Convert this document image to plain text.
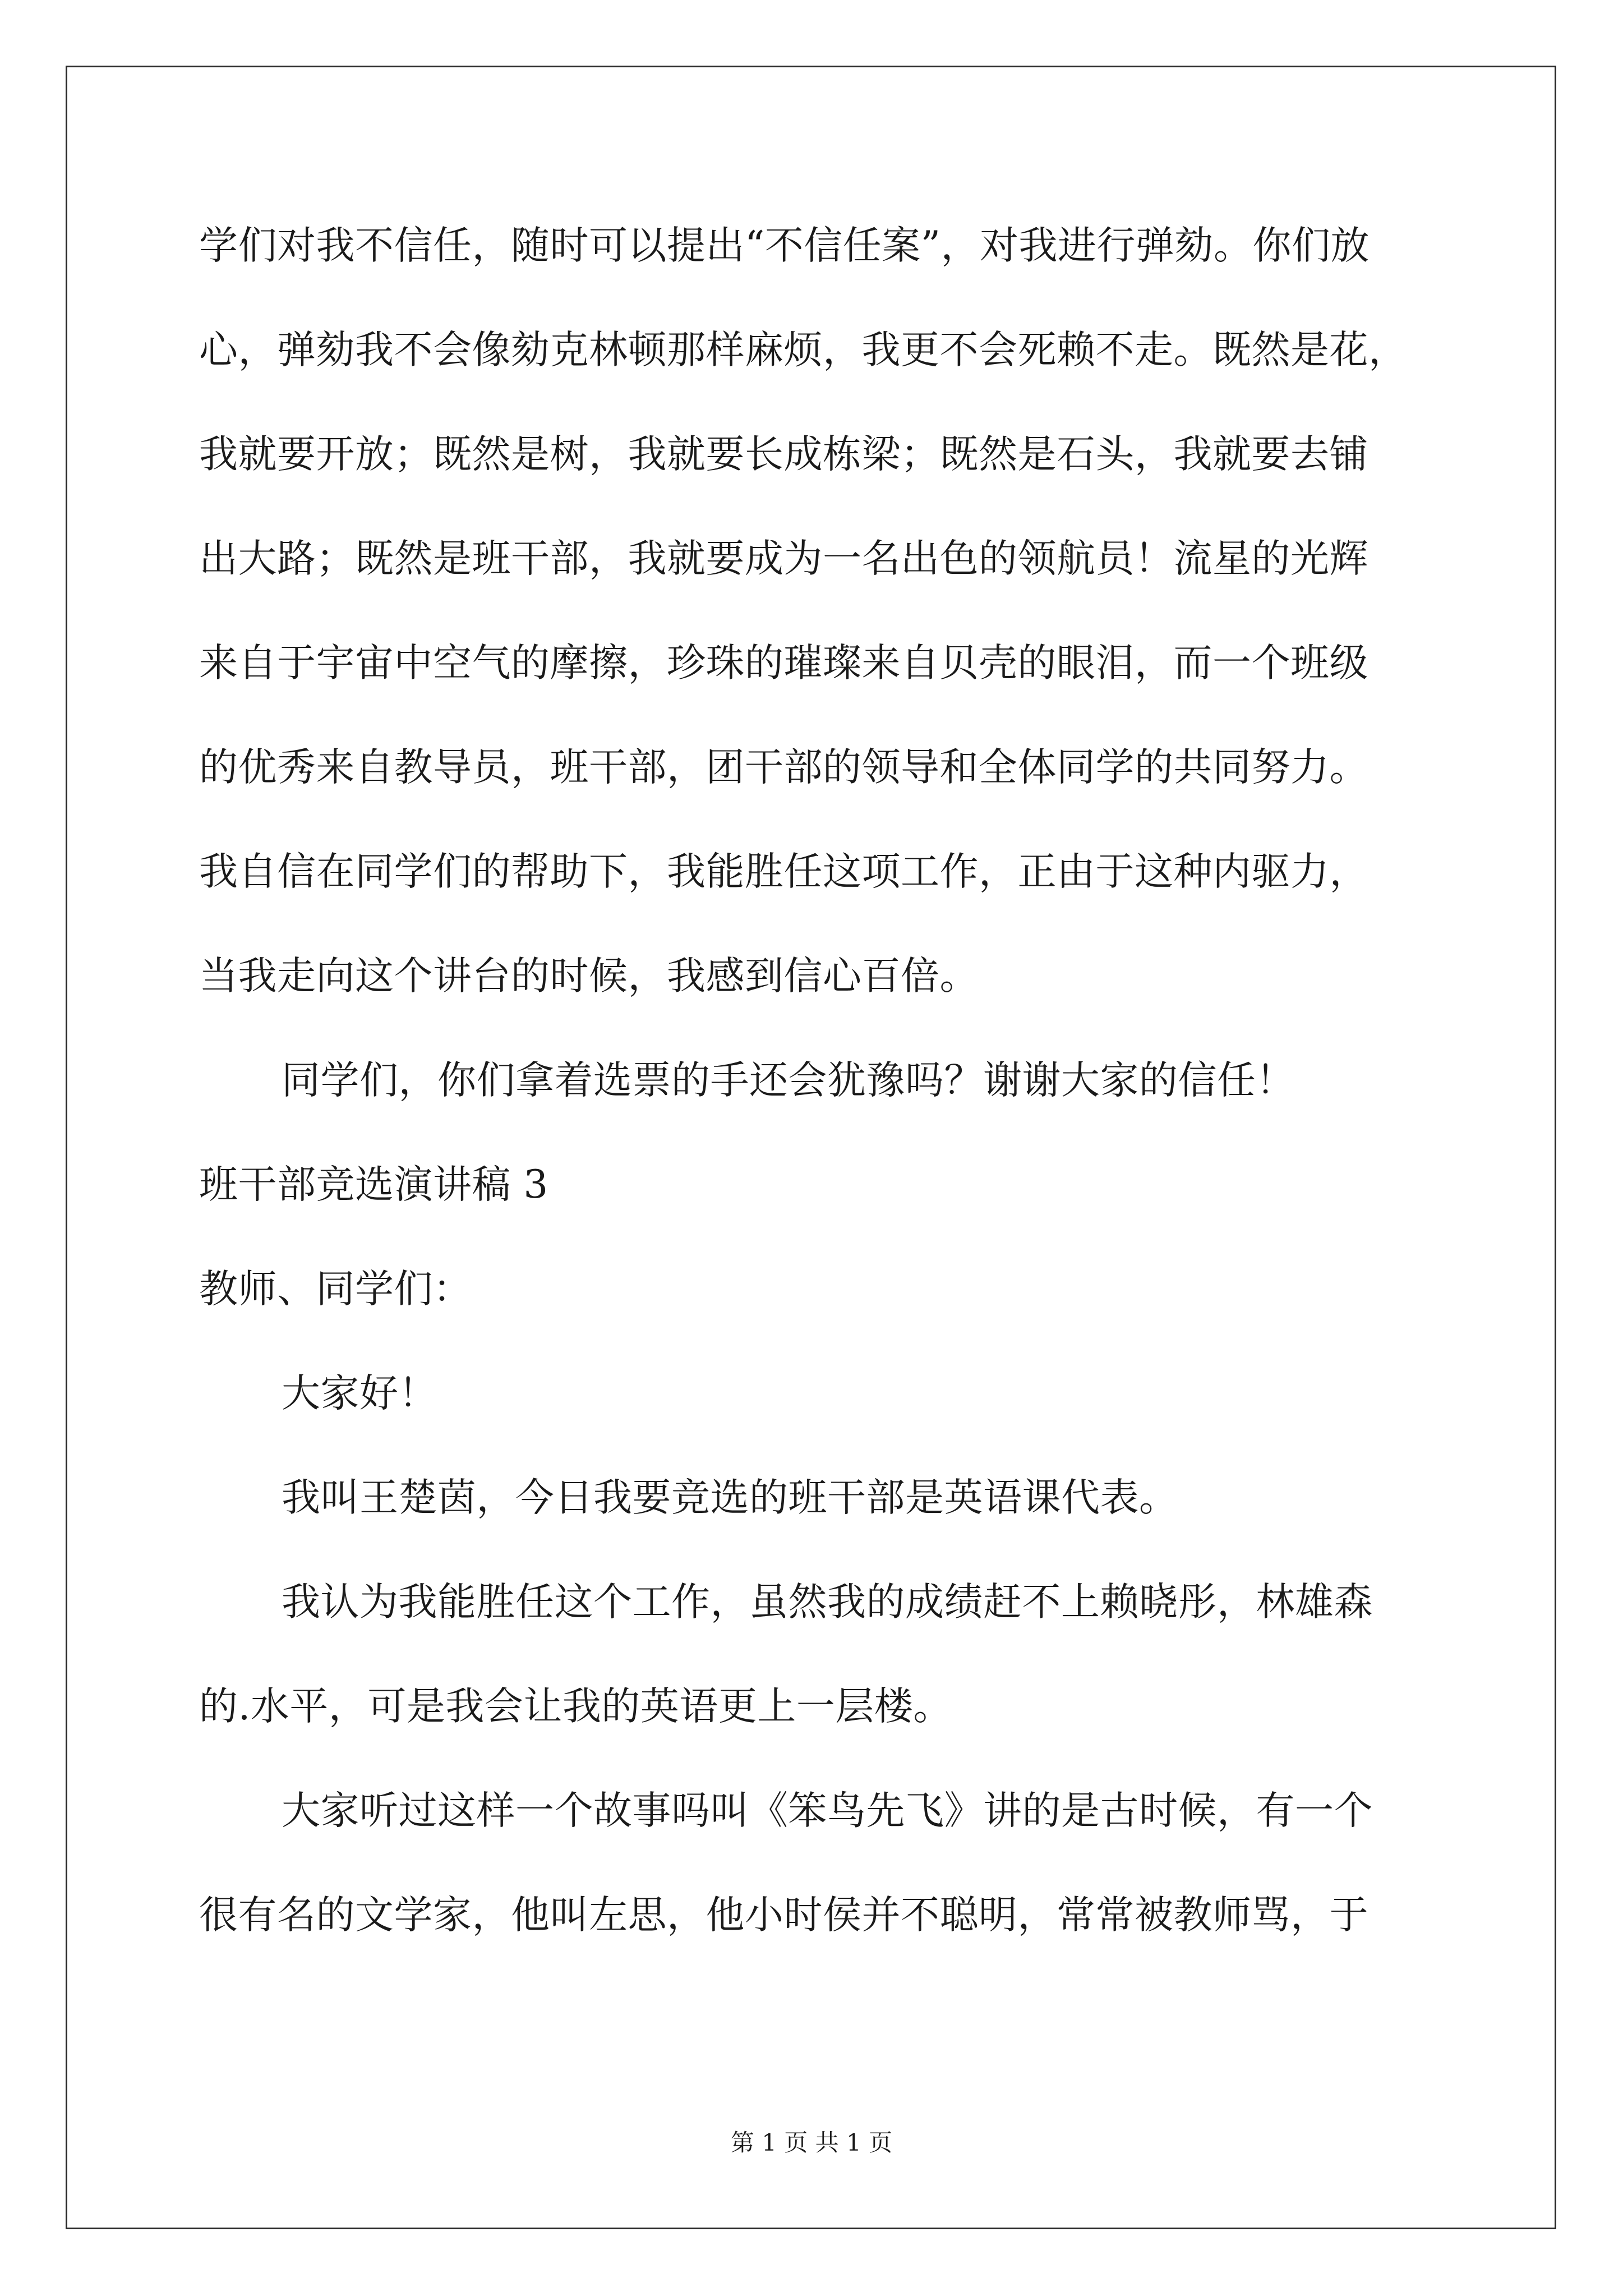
学们对我不信任，随时可以提出“不信任案”，对我进行弹劾。你们放
心，弹劾我不会像劾克林顿那样麻烦，我更不会死赖不走。既然是花，
我就要开放；既然是树，我就要长成栋梁；既然是石头，我就要去铺
出大路；既然是班干部，我就要成为一名出色的领航员！流星的光辉
来自于宇宙中空气的摩擦，珍珠的璀璨来自贝壳的眼泪，而一个班级
的优秀来自教导员，班干部，团干部的领导和全体同学的共同努力。
我自信在同学们的帮助下，我能胜任这项工作，正由于这种内驱力，
当我走向这个讲台的时候，我感到信心百倍。
同学们，你们拿着选票的手还会犹豫吗？谢谢大家的信任！
班干部竞选演讲稿 3
教师、同学们：
大家好！
我叫王楚茵，今日我要竞选的班干部是英语课代表。
我认为我能胜任这个工作，虽然我的成绩赶不上赖晓彤，林雄森
的.水平，可是我会让我的英语更上一层楼。
大家听过这样一个故事吗叫《笨鸟先飞》讲的是古时候，有一个
很有名的文学家，他叫左思，他小时侯并不聪明，常常被教师骂，于
第 1 页 共 1 页
